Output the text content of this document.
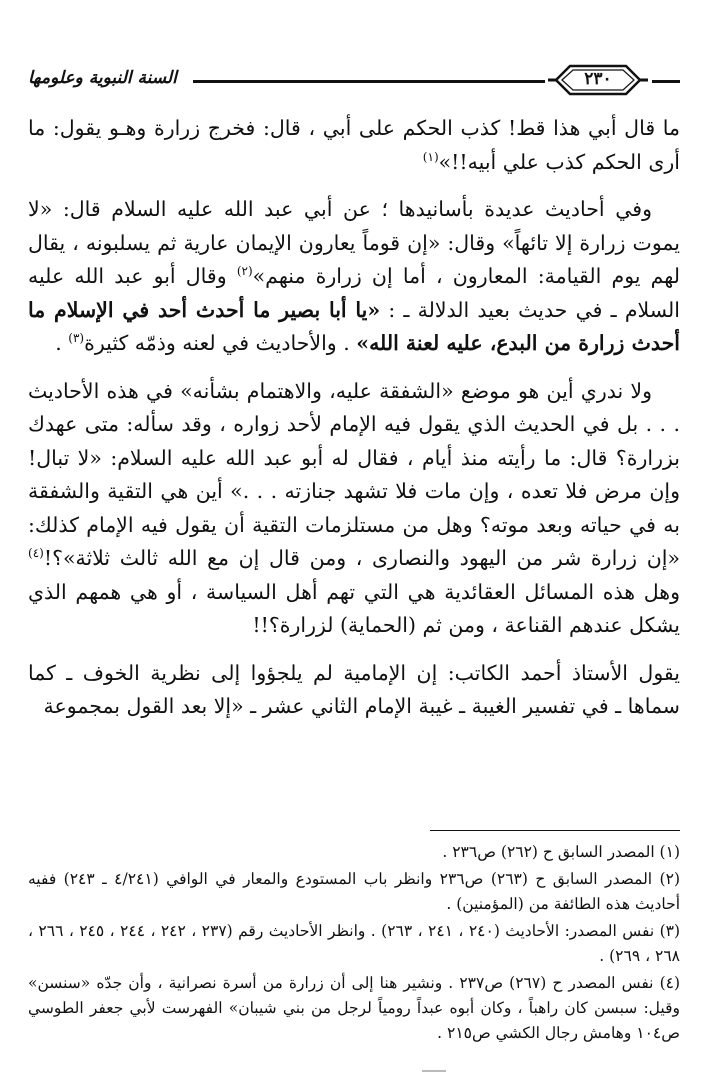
السنة النبوية وعلومها	٢٣٠

ما قال أبي هذا قط! كذب الحكم على أبي ، قال: فخرج زرارة وهـو يقول: ما أرى الحكم كذب علي أبيه!!»$^{(١)}$

وفي أحاديث عديدة بأسانيدها ؛ عن أبي عبد الله عليه السلام قال: «لا يموت زرارة إلا تائهاً» وقال: «إن قوماً يعارون الإيمان عارية ثم يسلبونه ، يقال لهم يوم القيامة: المعارون ، أما إن زرارة منهم»$^{(٢)}$ وقال أبو عبد الله عليه السلام ـ في حديث بعيد الدلالة ـ : «يا أبا بصير ما أحدث أحد في الإسلام ما أحدث زرارة من البدع، عليه لعنة الله» . والأحاديث في لعنه وذمّه كثيرة$^{(٣)}$ .

ولا ندري أين هو موضع «الشفقة عليه، والاهتمام بشأنه» في هذه الأحاديث . . . بل في الحديث الذي يقول فيه الإمام لأحد زواره ، وقد سأله: متى عهدك بزرارة؟ قال: ما رأيته منذ أيام ، فقال له أبو عبد الله عليه السلام: «لا تبال! وإن مرض فلا تعده ، وإن مات فلا تشهد جنازته . . .» أين هي التقية والشفقة به في حياته وبعد موته؟ وهل من مستلزمات التقية أن يقول فيه الإمام كذلك: «إن زرارة شر من اليهود والنصارى ، ومن قال إن مع الله ثالث ثلاثة»؟!$^{(٤)}$ وهل هذه المسائل العقائدية هي التي تهم أهل السياسة ، أو هي همهم الذي يشكل عندهم القناعة ، ومن ثم (الحماية) لزرارة؟!!

يقول الأستاذ أحمد الكاتب: إن الإمامية لم يلجؤوا إلى نظرية الخوف ـ كما سماها ـ في تفسير الغيبة ـ غيبة الإمام الثاني عشر ـ «إلا بعد القول بمجموعة

(١) المصدر السابق ح (٢٦٢) ص٢٣٦ .
(٢) المصدر السابق ح (٢٦٣) ص٢٣٦ وانظر باب المستودع والمعار في الوافي (٤/٢٤١ ـ ٢٤٣) ففيه أحاديث هذه الطائفة من (المؤمنين) .
(٣) نفس المصدر: الأحاديث (٢٤٠ ، ٢٤١ ، ٢٦٣) . وانظر الأحاديث رقم (٢٣٧ ، ٢٤٢ ، ٢٤٤ ، ٢٤٥ ، ٢٦٦ ، ٢٦٨ ، ٢٦٩) .
(٤) نفس المصدر ح (٢٦٧) ص٢٣٧ . ونشير هنا إلى أن زرارة من أسرة نصرانية ، وأن جدّه «سنسن» وقيل: سبسن كان راهباً ، وكان أبوه عبداً رومياً لرجل من بني شيبان» الفهرست لأبي جعفر الطوسي ص١٠٤ وهامش رجال الكشي ص٢١٥ .
